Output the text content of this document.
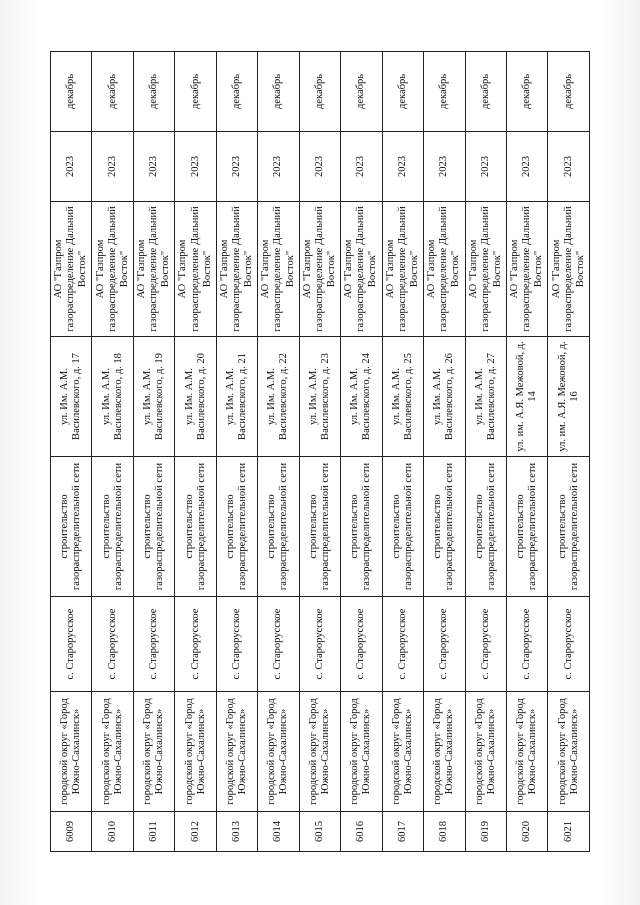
6009	городской округ «Город Южно-Сахалинск»	с. Старорусское	строительство газораспределительной сети	ул. Им. А.М. Василевского, д. 17	АО "Газпром газораспределение Дальний Восток"	2023	декабрь
6010	городской округ «Город Южно-Сахалинск»	с. Старорусское	строительство газораспределительной сети	ул. Им. А.М. Василевского, д. 18	АО "Газпром газораспределение Дальний Восток"	2023	декабрь
6011	городской округ «Город Южно-Сахалинск»	с. Старорусское	строительство газораспределительной сети	ул. Им. А.М. Василевского, д. 19	АО "Газпром газораспределение Дальний Восток"	2023	декабрь
6012	городской округ «Город Южно-Сахалинск»	с. Старорусское	строительство газораспределительной сети	ул. Им. А.М. Василевского, д. 20	АО "Газпром газораспределение Дальний Восток"	2023	декабрь
6013	городской округ «Город Южно-Сахалинск»	с. Старорусское	строительство газораспределительной сети	ул. Им. А.М. Василевского, д. 21	АО "Газпром газораспределение Дальний Восток"	2023	декабрь
6014	городской округ «Город Южно-Сахалинск»	с. Старорусское	строительство газораспределительной сети	ул. Им. А.М. Василевского, д. 22	АО "Газпром газораспределение Дальний Восток"	2023	декабрь
6015	городской округ «Город Южно-Сахалинск»	с. Старорусское	строительство газораспределительной сети	ул. Им. А.М. Василевского, д. 23	АО "Газпром газораспределение Дальний Восток"	2023	декабрь
6016	городской округ «Город Южно-Сахалинск»	с. Старорусское	строительство газораспределительной сети	ул. Им. А.М. Василевского, д. 24	АО "Газпром газораспределение Дальний Восток"	2023	декабрь
6017	городской округ «Город Южно-Сахалинск»	с. Старорусское	строительство газораспределительной сети	ул. Им. А.М. Василевского, д. 25	АО "Газпром газораспределение Дальний Восток"	2023	декабрь
6018	городской округ «Город Южно-Сахалинск»	с. Старорусское	строительство газораспределительной сети	ул. Им. А.М. Василевского, д. 26	АО "Газпром газораспределение Дальний Восток"	2023	декабрь
6019	городской округ «Город Южно-Сахалинск»	с. Старорусское	строительство газораспределительной сети	ул. Им. А.М. Василевского, д. 27	АО "Газпром газораспределение Дальний Восток"	2023	декабрь
6020	городской округ «Город Южно-Сахалинск»	с. Старорусское	строительство газораспределительной сети	ул. им. А.Я. Межовой, д. 14	АО "Газпром газораспределение Дальний Восток"	2023	декабрь
6021	городской округ «Город Южно-Сахалинск»	с. Старорусское	строительство газораспределительной сети	ул. им. А.Я. Межовой, д. 16	АО "Газпром газораспределение Дальний Восток"	2023	декабрь
